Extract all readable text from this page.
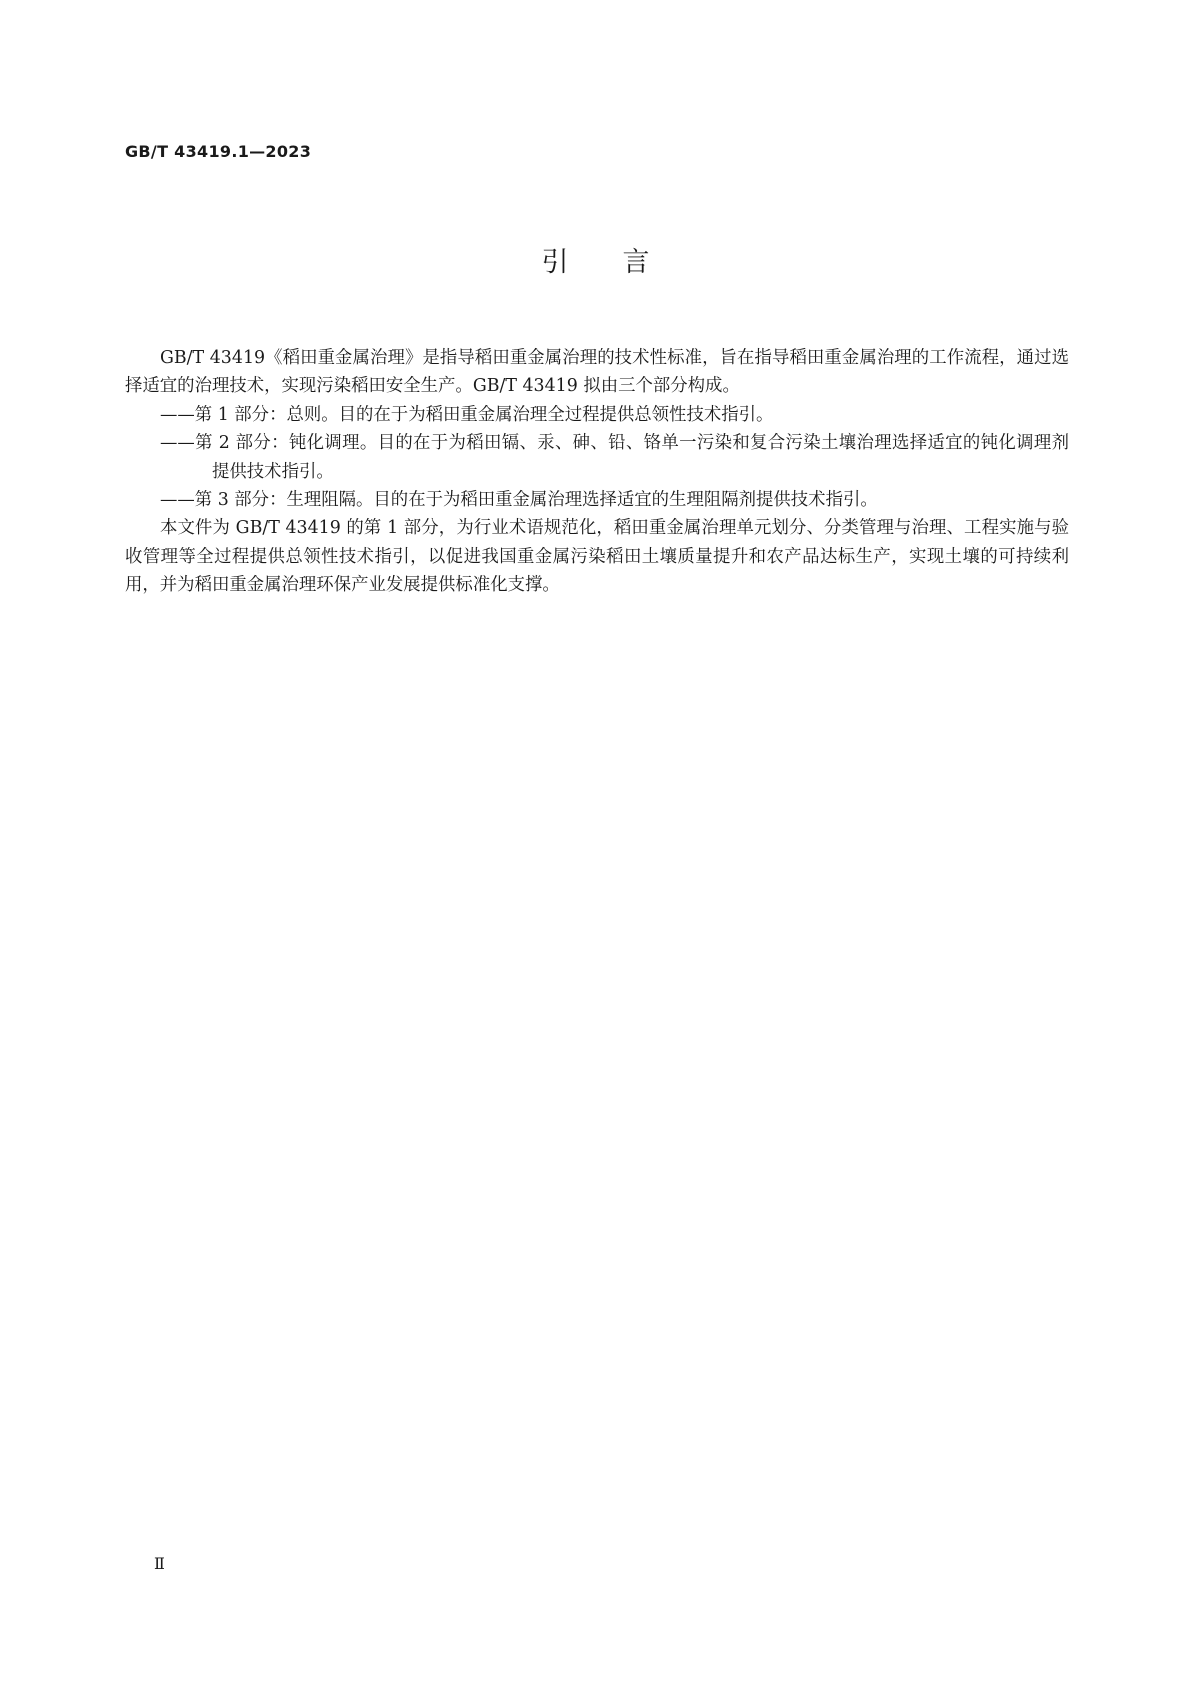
GB/T 43419.1—2023
引 言

GB/T 43419《稻田重金属治理》是指导稻田重金属治理的技术性标准，旨在指导稻田重金属治理的工作流程，通过选择适宜的治理技术，实现污染稻田安全生产。GB/T 43419 拟由三个部分构成。

——第 1 部分：总则。目的在于为稻田重金属治理全过程提供总领性技术指引。

——第 2 部分：钝化调理。目的在于为稻田镉、汞、砷、铅、铬单一污染和复合污染土壤治理选择适宜的钝化调理剂提供技术指引。

——第 3 部分：生理阻隔。目的在于为稻田重金属治理选择适宜的生理阻隔剂提供技术指引。

本文件为 GB/T 43419 的第 1 部分，为行业术语规范化，稻田重金属治理单元划分、分类管理与治理、工程实施与验收管理等全过程提供总领性技术指引，以促进我国重金属污染稻田土壤质量提升和农产品达标生产，实现土壤的可持续利用，并为稻田重金属治理环保产业发展提供标准化支撑。

Ⅱ
